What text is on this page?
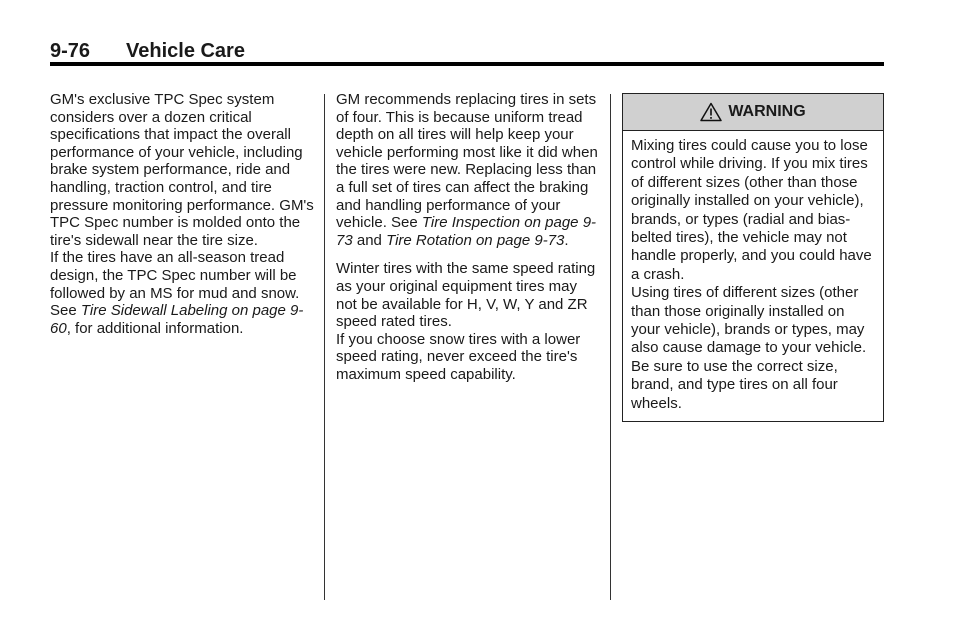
9-76 Vehicle Care

GM's exclusive TPC Spec system considers over a dozen critical specifications that impact the overall performance of your vehicle, including brake system performance, ride and handling, traction control, and tire pressure monitoring performance. GM's TPC Spec number is molded onto the tire's sidewall near the tire size.

If the tires have an all-season tread design, the TPC Spec number will be followed by an MS for mud and snow. See Tire Sidewall Labeling on page 9-60, for additional information.

GM recommends replacing tires in sets of four. This is because uniform tread depth on all tires will help keep your vehicle performing most like it did when the tires were new. Replacing less than a full set of tires can affect the braking and handling performance of your vehicle. See Tire Inspection on page 9-73 and Tire Rotation on page 9-73.

Winter tires with the same speed rating as your original equipment tires may not be available for H, V, W, Y and ZR speed rated tires.

If you choose snow tires with a lower speed rating, never exceed the tire's maximum speed capability.

WARNING

Mixing tires could cause you to lose control while driving. If you mix tires of different sizes (other than those originally installed on your vehicle), brands, or types (radial and bias-belted tires), the vehicle may not handle properly, and you could have a crash.

Using tires of different sizes (other than those originally installed on your vehicle), brands or types, may also cause damage to your vehicle. Be sure to use the correct size, brand, and type tires on all four wheels.
